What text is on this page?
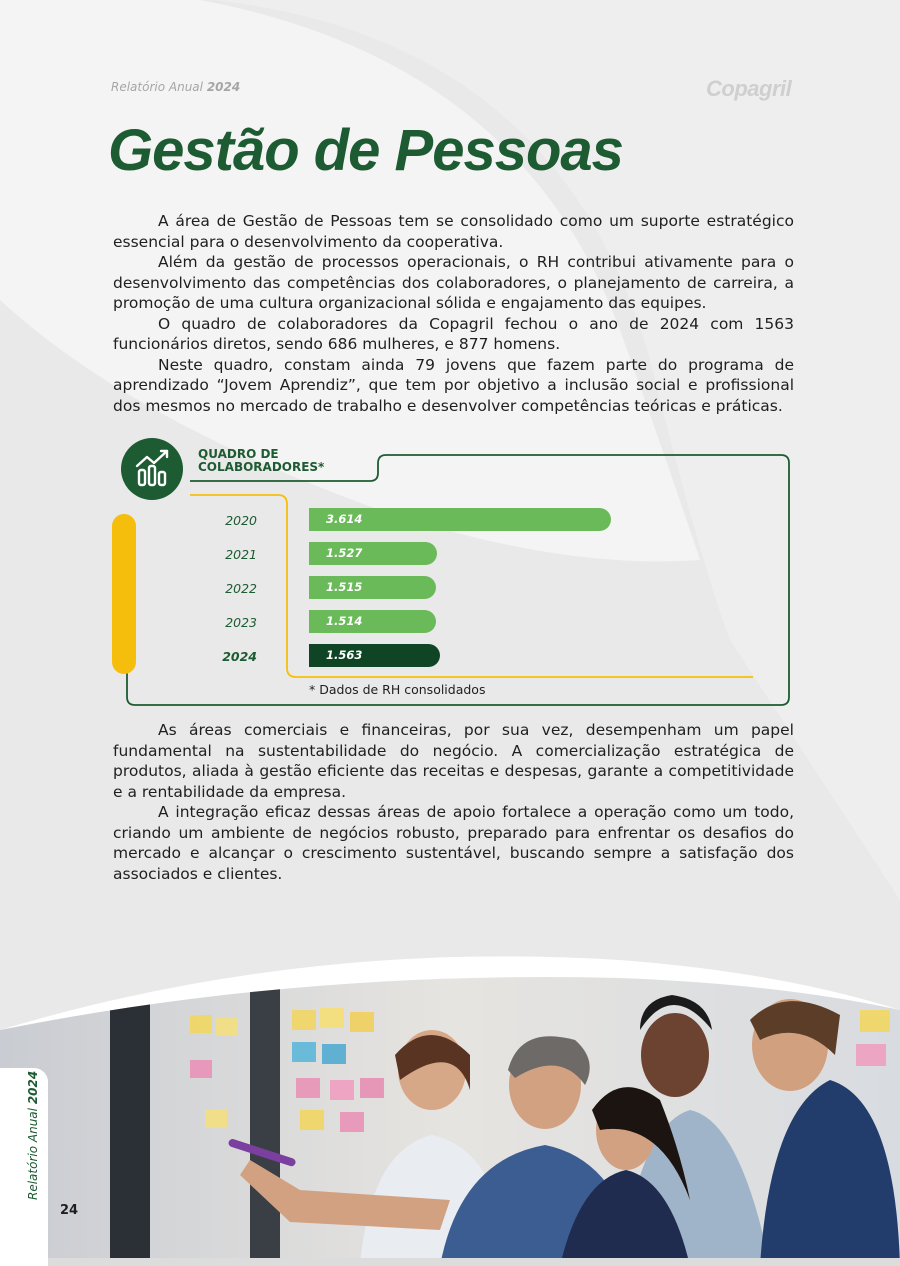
Relatório Anual 2024	Copagril
Gestão de Pessoas

A área de Gestão de Pessoas tem se consolidado como um suporte estratégico essencial para o desenvolvimento da cooperativa.

Além da gestão de processos operacionais, o RH contribui ativamente para o desenvolvimento das competências dos colaboradores, o planejamento de carreira, a promoção de uma cultura organizacional sólida e engajamento das equipes.

O quadro de colaboradores da Copagril fechou o ano de 2024 com 1563 funcionários diretos, sendo 686 mulheres, e 877 homens.

Neste quadro, constam ainda 79 jovens que fazem parte do programa de aprendizado “Jovem Aprendiz”, que tem por objetivo a inclusão social e profissional dos mesmos no mercado de trabalho e desenvolver competências teóricas e práticas.

QUADRO DE COLABORADORES*
2020	3.614
2021	1.527
2022	1.515
2023	1.514
2024	1.563
* Dados de RH consolidados

As áreas comerciais e financeiras, por sua vez, desempenham um papel fundamental na sustentabilidade do negócio. A comercialização estratégica de produtos, aliada à gestão eficiente das receitas e despesas, garante a competitividade e a rentabilidade da empresa.

A integração eficaz dessas áreas de apoio fortalece a operação como um todo, criando um ambiente de negócios robusto, preparado para enfrentar os desafios do mercado e alcançar o crescimento sustentável, buscando sempre a satisfação dos associados e clientes.

Relatório Anual 2024
24
